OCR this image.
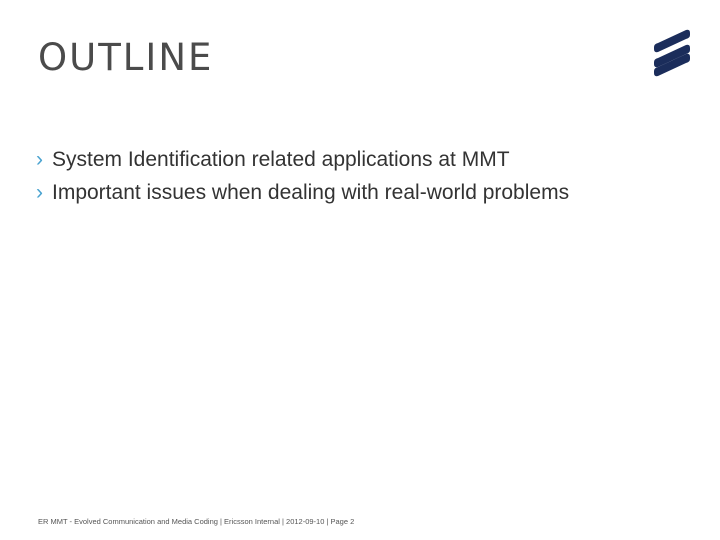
OUTLINE
› System Identification related applications at MMT
› Important issues when dealing with real-world problems
ER MMT - Evolved Communication and Media Coding | Ericsson Internal | 2012-09-10 | Page 2
